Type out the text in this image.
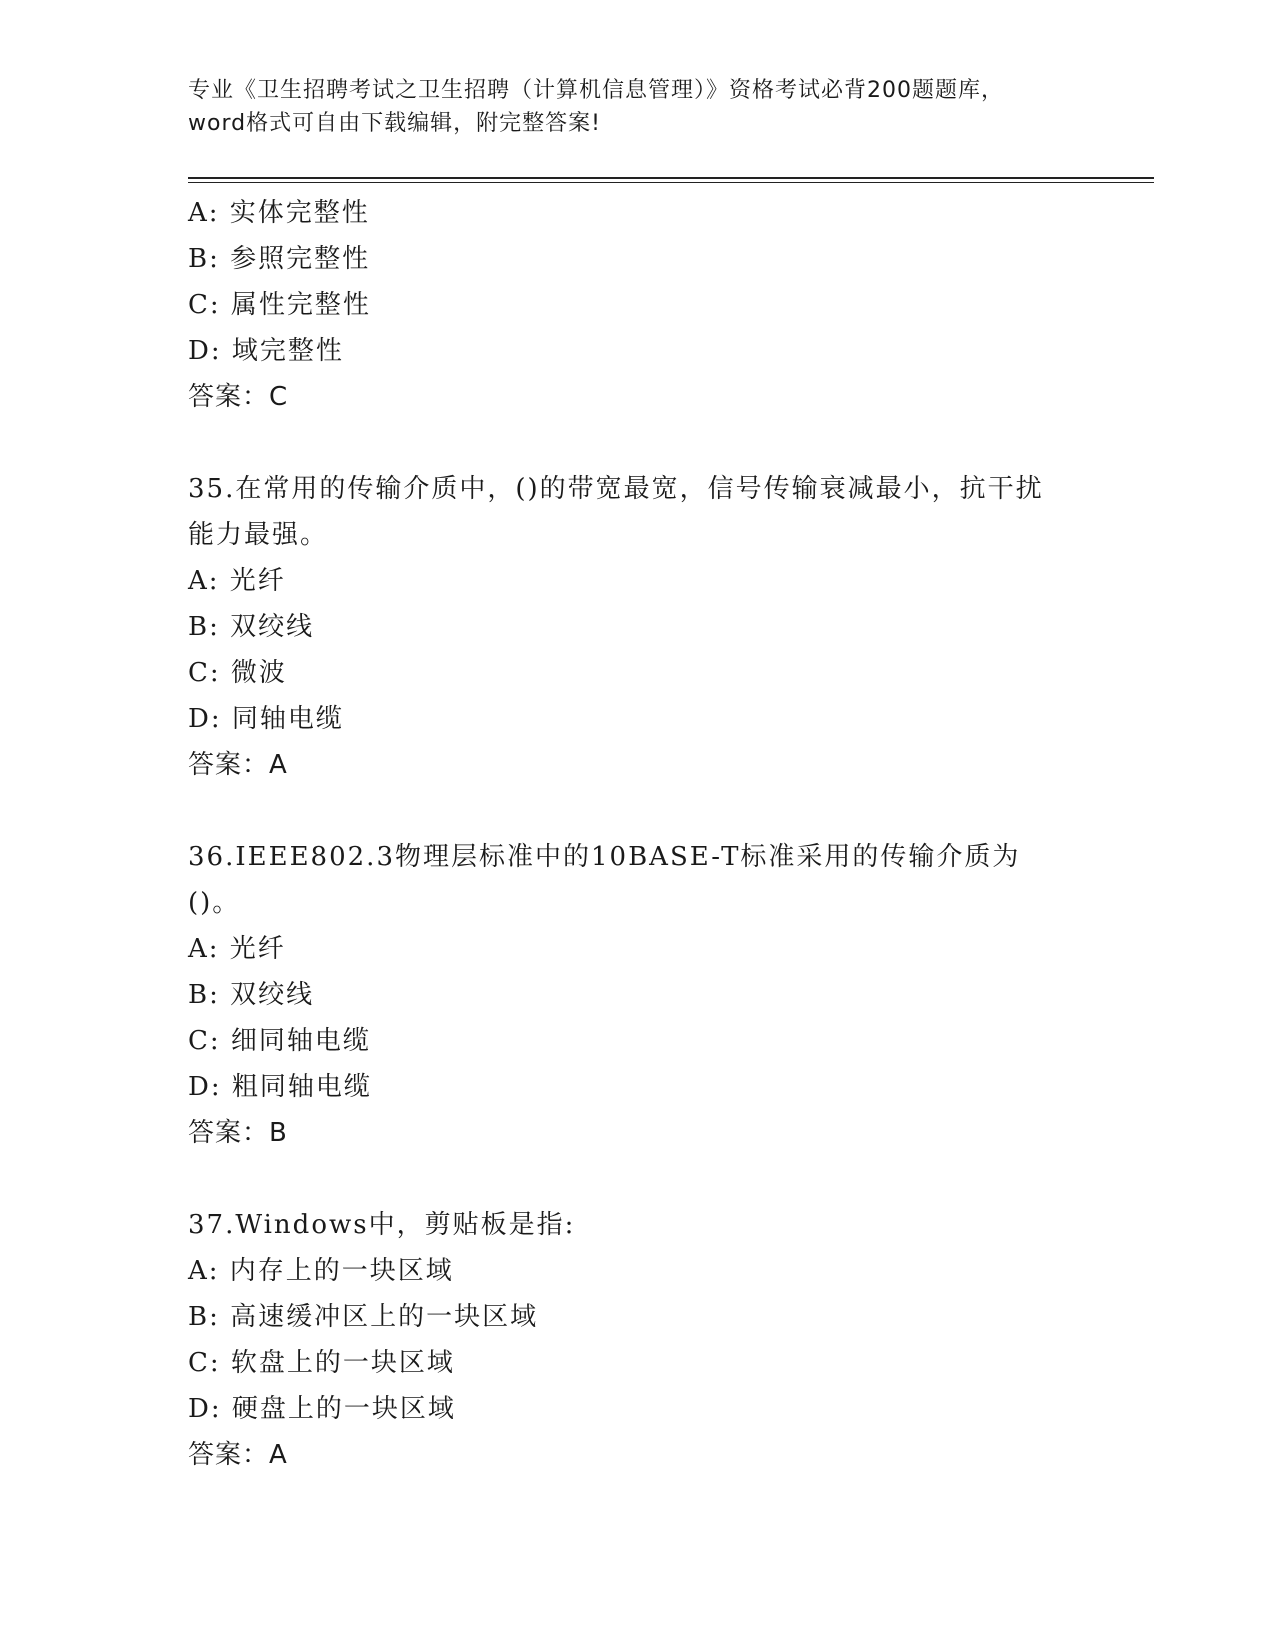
专业《卫生招聘考试之卫生招聘（计算机信息管理）》资格考试必背200题题库，
word格式可自由下载编辑，附完整答案!
A: 实体完整性
B: 参照完整性
C: 属性完整性
D: 域完整性
答案：C
35.在常用的传输介质中，()的带宽最宽，信号传输衰减最小，抗干扰能力最强。
A: 光纤
B: 双绞线
C: 微波
D: 同轴电缆
答案：A
36.IEEE802.3物理层标准中的10BASE-T标准采用的传输介质为()。
A: 光纤
B: 双绞线
C: 细同轴电缆
D: 粗同轴电缆
答案：B
37.Windows中，剪贴板是指:
A: 内存上的一块区域
B: 高速缓冲区上的一块区域
C: 软盘上的一块区域
D: 硬盘上的一块区域
答案：A
